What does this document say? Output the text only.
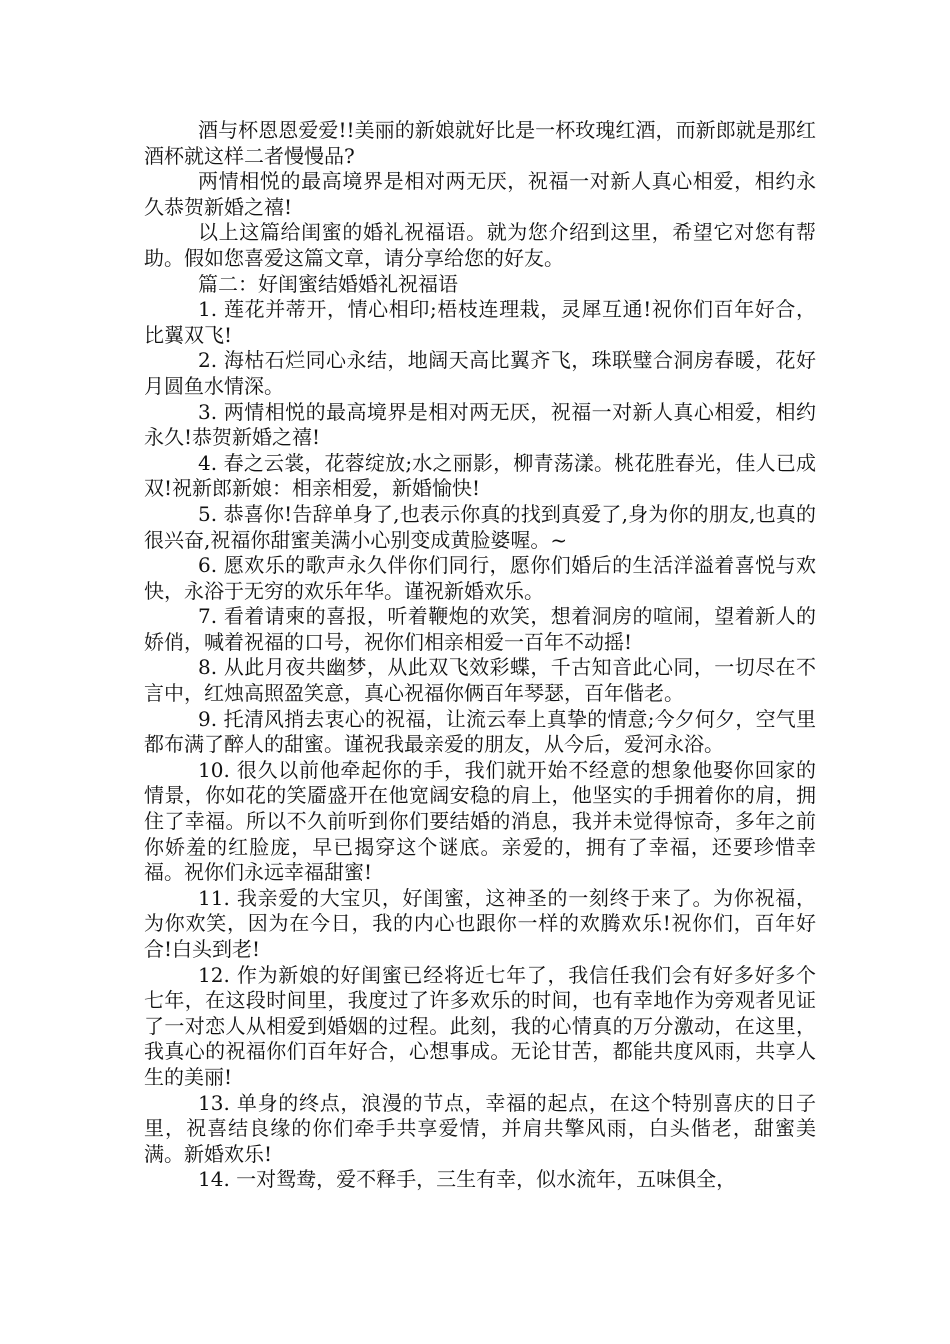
酒与杯恩恩爱爱!!美丽的新娘就好比是一杯玫瑰红酒，而新郎就是那红酒杯就这样二者慢慢品?

两情相悦的最高境界是相对两无厌，祝福一对新人真心相爱，相约永久恭贺新婚之禧!

以上这篇给闺蜜的婚礼祝福语。就为您介绍到这里，希望它对您有帮助。假如您喜爱这篇文章，请分享给您的好友。

篇二：好闺蜜结婚婚礼祝福语

1. 莲花并蒂开，情心相印;梧枝连理栽，灵犀互通!祝你们百年好合，比翼双飞!

2. 海枯石烂同心永结，地阔天高比翼齐飞，珠联璧合洞房春暖，花好月圆鱼水情深。

3. 两情相悦的最高境界是相对两无厌，祝福一对新人真心相爱，相约永久!恭贺新婚之禧!

4. 春之云裳，花蓉绽放;水之丽影，柳青荡漾。桃花胜春光，佳人已成双!祝新郎新娘：相亲相爱，新婚愉快!

5. 恭喜你!告辞单身了,也表示你真的找到真爱了,身为你的朋友,也真的很兴奋,祝福你甜蜜美满小心别变成黄脸婆喔。~

6. 愿欢乐的歌声永久伴你们同行，愿你们婚后的生活洋溢着喜悦与欢快，永浴于无穷的欢乐年华。谨祝新婚欢乐。

7. 看着请柬的喜报，听着鞭炮的欢笑，想着洞房的喧闹，望着新人的娇俏，喊着祝福的口号，祝你们相亲相爱一百年不动摇!

8. 从此月夜共幽梦，从此双飞效彩蝶，千古知音此心同，一切尽在不言中，红烛高照盈笑意，真心祝福你俩百年琴瑟，百年偕老。

9. 托清风捎去衷心的祝福，让流云奉上真挚的情意;今夕何夕，空气里都布满了醉人的甜蜜。谨祝我最亲爱的朋友，从今后，爱河永浴。

10. 很久以前他牵起你的手，我们就开始不经意的想象他娶你回家的情景，你如花的笑靥盛开在他宽阔安稳的肩上，他坚实的手拥着你的肩，拥住了幸福。所以不久前听到你们要结婚的消息，我并未觉得惊奇，多年之前你娇羞的红脸庞，早已揭穿这个谜底。亲爱的，拥有了幸福，还要珍惜幸福。祝你们永远幸福甜蜜!

11. 我亲爱的大宝贝，好闺蜜，这神圣的一刻终于来了。为你祝福，为你欢笑，因为在今日，我的内心也跟你一样的欢腾欢乐!祝你们，百年好合!白头到老!

12. 作为新娘的好闺蜜已经将近七年了，我信任我们会有好多好多个七年，在这段时间里，我度过了许多欢乐的时间，也有幸地作为旁观者见证了一对恋人从相爱到婚姻的过程。此刻，我的心情真的万分激动，在这里，我真心的祝福你们百年好合，心想事成。无论甘苦，都能共度风雨，共享人生的美丽!

13. 单身的终点，浪漫的节点，幸福的起点，在这个特别喜庆的日子里，祝喜结良缘的你们牵手共享爱情，并肩共擎风雨，白头偕老，甜蜜美满。新婚欢乐!

14. 一对鸳鸯，爱不释手，三生有幸，似水流年，五味俱全，
